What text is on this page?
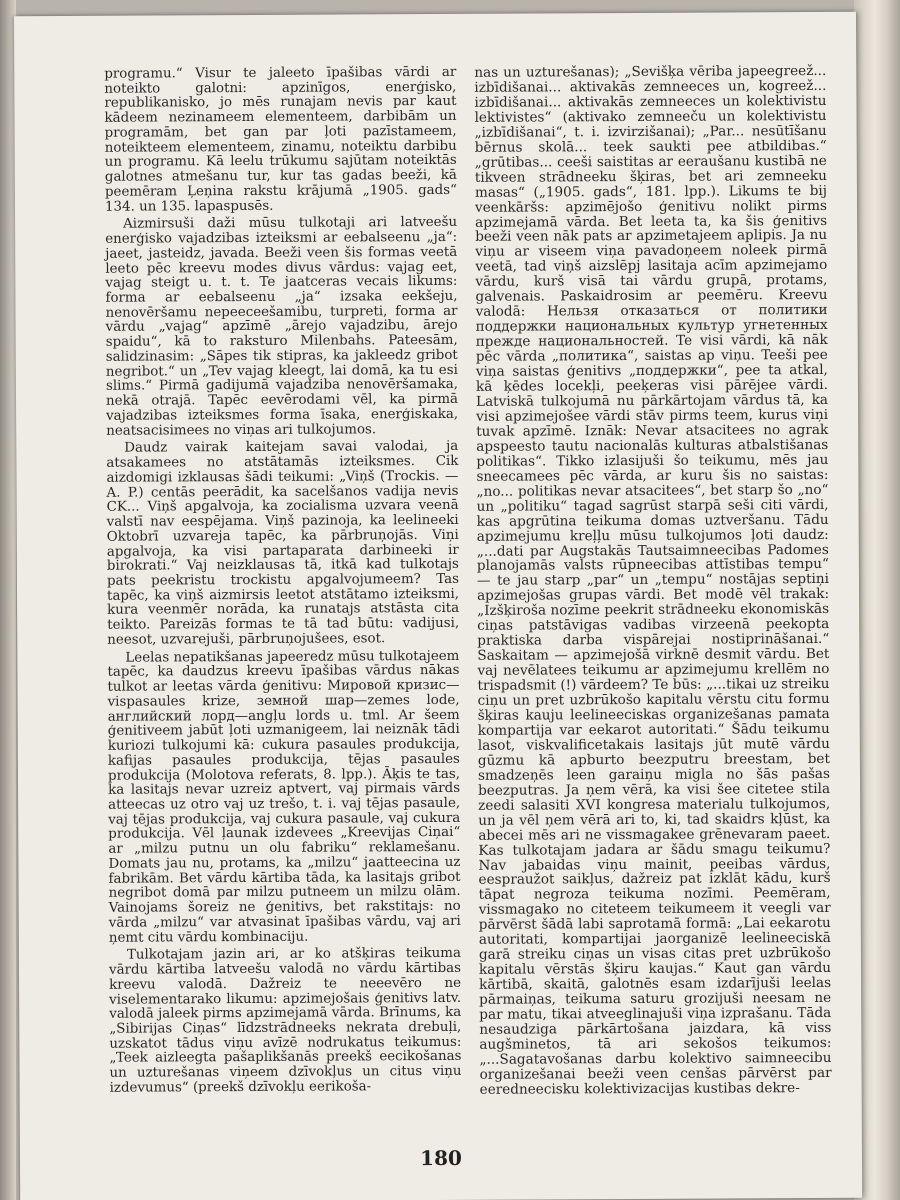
programu.“ Visur te jaleeto īpašibas vārdi ar noteikto galotni: apzinīgos, enerģisko, republikanisko, jo mēs runajam nevis par kaut kādeem nezinameem elementeem, darbibām un programām, bet gan par ļoti pazīstameem, noteikteem elementeem, zinamu, noteiktu darbibu un programu. Kā leelu trūkumu sajūtam noteiktās galotnes atmešanu tur, kur tas gadas beeži, kā peemēram Ļeņina rakstu krājumā „1905. gads“ 134. un 135. lapaspusēs.

Aizmirsuši daži mūsu tulkotaji ari latveešu enerģisko vajadzibas izteiksmi ar eebalseenu „ja“: jaeet, jasteidz, javada. Beeži veen šis formas veetā leeto pēc kreevu modes divus vārdus: vajag eet, vajag steigt u. t. t. Te jaatceras vecais likums: forma ar eebalseenu „ja“ izsaka eekšeju, nenovēršamu nepeeceešamibu, turpreti, forma ar vārdu „vajag“ apzīmē „ārejo vajadzibu, ārejo spaidu“, kā to raksturo Milenbahs. Pateesām, salidzinasim: „Sāpes tik stipras, ka jakleedz gribot negribot.“ un „Tev vajag kleegt, lai domā, ka tu esi slims.“ Pirmā gadijumā vajadziba nenovēršamaka, nekā otrajā. Tapēc eevērodami vēl, ka pirmā vajadzibas izteiksmes forma īsaka, enerģiskaka, neatsacisimees no viņas ari tulkojumos.

Daudz vairak kaitejam savai valodai, ja atsakamees no atstātamās izteiksmes. Cik aizdomigi izklausas šādi teikumi: „Viņš (Trockis. — A. P.) centās peerādit, ka sacelšanos vadija nevis CK... Viņš apgalvoja, ka zocialisma uzvara veenā valstī nav eespējama. Viņš pazinoja, ka leelineeki Oktobrī uzvareja tapēc, ka pārbruņojās. Viņi apgalvoja, ka visi partaparata darbineeki ir birokrati.“ Vaj neizklausas tā, itkā kad tulkotajs pats peekristu trockistu apgalvojumeem? Tas tapēc, ka viņš aizmirsis leetot atstātamo izteiksmi, kura veenmēr norāda, ka runatajs atstāsta cita teikto. Pareizās formas te tā tad būtu: vadijusi, neesot, uzvarejuši, pārbruņojušees, esot.

Leelas nepatikšanas japeeredz mūsu tulkotajeem tapēc, ka daudzus kreevu īpašibas vārdus nākas tulkot ar leetas vārda ģenitivu: Мировой кризис—vispasaules krize, земной шар—zemes lode, английский лорд—angļu lords u. tml. Ar šeem ģenitiveem jabūt ļoti uzmanigeem, lai neiznāk tādi kuriozi tulkojumi kā: cukura pasaules produkcija, kafijas pasaules produkcija, tējas pasaules produkcija (Molotova referats, 8. lpp.). Āķis te tas, ka lasitajs nevar uzreiz aptvert, vaj pirmais vārds atteecas uz otro vaj uz trešo, t. i. vaj tējas pasaule, vaj tējas produkcija, vaj cukura pasaule, vaj cukura produkcija. Vēl ļaunak izdevees „Kreevijas Ciņai“ ar „milzu putnu un olu fabriku“ reklamešanu. Domats jau nu, protams, ka „milzu“ jaatteecina uz fabrikām. Bet vārdu kārtiba tāda, ka lasitajs gribot negribot domā par milzu putneem un milzu olām. Vainojams šoreiz ne ģenitivs, bet rakstitajs: no vārda „milzu“ var atvasinat īpašibas vārdu, vaj ari ņemt citu vārdu kombinaciju.

Tulkotajam jazin ari, ar ko atšķiras teikuma vārdu kārtiba latveešu valodā no vārdu kārtibas kreevu valodā. Dažreiz te neeevēro ne viselementarako likumu: apzimejošais ģenitivs latv. valodā jaleek pirms apzimejamā vārda. Brīnums, ka „Sibirijas Ciņas“ līdzstrādneeks nekrata drebuļi, uzskatot tādus viņu avīzē nodrukatus teikumus: „Teek aizleegta pašaplikšanās preekš eecikošanas un uzturešanas viņeem dzīvokļus un citus viņu izdevumus“ (preekš dzīvokļu eerikoša-

nas un uzturešanas); „Sevišķa vēriba japeegreež... izbīdišanai... aktivakās zemneeces un, kogreež... izbīdišanai... aktivakās zemneeces un kolektivistu lektivistes“ (aktivako zemneeču un kolektivistu „izbīdišanai“, t. i. izvirzišanai); „Par... nesūtīšanu bērnus skolā... teek saukti pee atbildibas.“ „grūtibas... ceeši saistitas ar eeraušanu kustibā ne tikveen strādneeku šķiras, bet ari zemneeku masas“ („1905. gads“, 181. lpp.). Likums te bij veenkāršs: apzimējošo ģenitivu nolikt pirms apzimejamā vārda. Bet leeta ta, ka šis ģenitivs beeži veen nāk pats ar apzimetajeem aplipis. Ja nu viņu ar viseem viņa pavadoņeem noleek pirmā veetā, tad viņš aizslēpj lasitaja acīm apzimejamo vārdu, kurš visā tai vārdu grupā, protams, galvenais. Paskaidrosim ar peemēru. Kreevu valodā: Нельзя отказаться от политики поддержки национальных культур угнетенных прежде национальностей. Te visi vārdi, kā nāk pēc vārda „политика“, saistas ap viņu. Teeši pee viņa saistas ģenitivs „поддержки“, pee ta atkal, kā ķēdes locekļi, peeķeras visi pārējee vārdi. Latviskā tulkojumā nu pārkārtojam vārdus tā, ka visi apzimejošee vārdi stāv pirms teem, kurus viņi tuvak apzīmē. Iznāk: Nevar atsacitees no agrak apspeesto tautu nacionalās kulturas atbalstišanas politikas“. Tikko izlasijuši šo teikumu, mēs jau sneecamees pēc vārda, ar kuru šis no saistas: „no... politikas nevar atsacitees“, bet starp šo „no“ un „politiku“ tagad sagrūst starpā seši citi vārdi, kas apgrūtina teikuma domas uztveršanu. Tādu apzimejumu kreļļu mūsu tulkojumos ļoti daudz: „...dati par Augstakās Tautsaimneecibas Padomes planojamās valsts rūpneecibas attīstibas tempu“ — te jau starp „par“ un „tempu“ nostājas septiņi apzimejošas grupas vārdi. Bet modē vēl trakak: „Izšķiroša nozīme peekrit strādneeku ekonomiskās ciņas patstāvigas vadibas virzeenā peekopta praktiska darba vispārejai nostiprināšanai.“ Saskaitam — apzimejošā virknē desmit vārdu. Bet vaj nevēlatees teikumu ar apzimejumu krellēm no trispadsmit (!) vārdeem? Te būs: „...tikai uz streiku ciņu un pret uzbrūkošo kapitalu vērstu citu formu šķiras kauju leelineeciskas organizešanas pamata kompartija var eekarot autoritati.“ Šādu teikumu lasot, viskvalificetakais lasitajs jūt mutē vārdu gūzmu kā apburto beezputru breestam, bet smadzeņēs leen garaiņu migla no šās pašas beezputras. Ja ņem vērā, ka visi šee citetee stila zeedi salasiti XVI kongresa materialu tulkojumos, un ja vēl ņem vērā ari to, ki, tad skaidrs kļūst, ka abecei mēs ari ne vissmagakee grēnevaram paeet. Kas tulkotajam jadara ar šādu smagu teikumu? Nav jabaidas viņu mainit, peeibas vārdus, eespraužot saikļus, dažreiz pat izklāt kādu, kurš tāpat negroza teikuma nozīmi. Peemēram, vissmagako no citeteem teikumeem it veegli var pārvērst šādā labi saprotamā formā: „Lai eekarotu autoritati, kompartijai jaorganizē leelineeciskā garā streiku ciņas un visas citas pret uzbrūkošo kapitalu vērstās šķiru kaujas.“ Kaut gan vārdu kārtibā, skaitā, galotnēs esam izdarījuši leelas pārmaiņas, teikuma saturu grozijuši neesam ne par matu, tikai atveeglinajuši viņa izprašanu. Tāda nesaudziga pārkārtošana jaizdara, kā viss augšminetos, tā ari sekošos teikumos: „...Sagatavošanas darbu kolektivo saimneecibu organizešanai beeži veen cenšas pārvērst par eeredneecisku kolektivizacijas kustibas dekre-

180
